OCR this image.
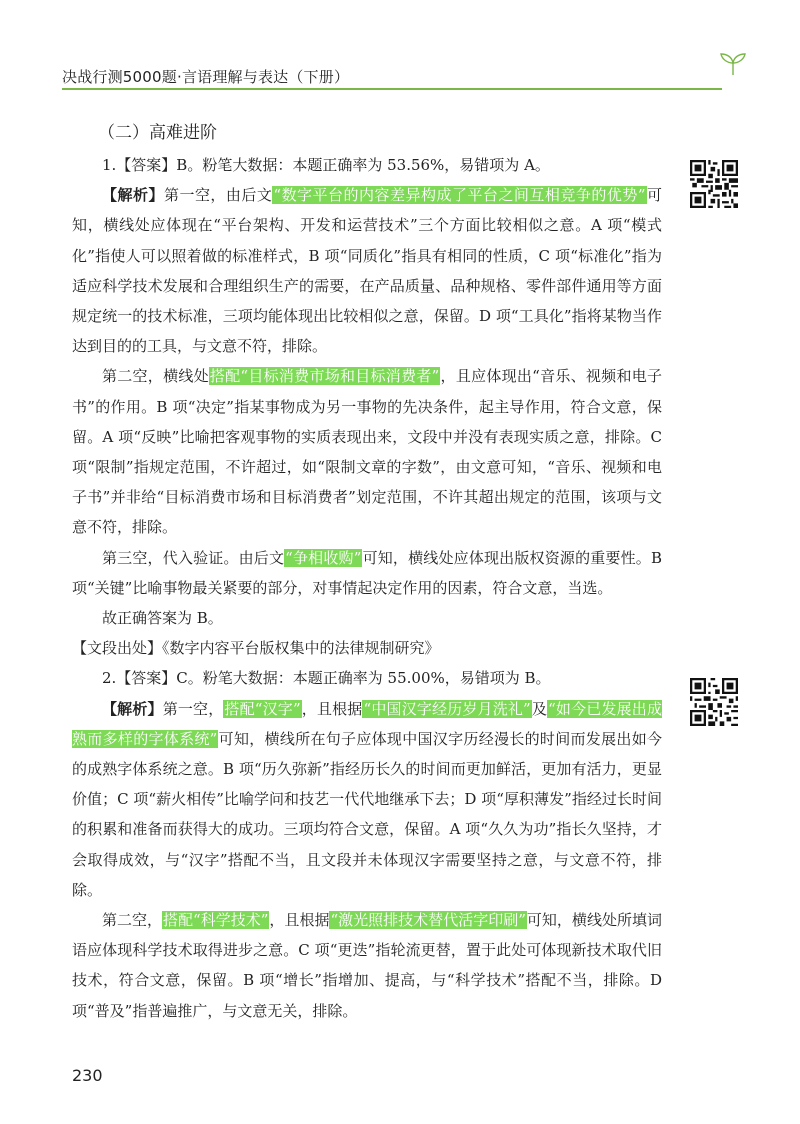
决战行测5000题·言语理解与表达（下册）
（二）高难进阶

1.【答案】B。粉笔大数据：本题正确率为 53.56%，易错项为 A。

【解析】第一空，由后文“数字平台的内容差异构成了平台之间互相竞争的优势”可知，横线处应体现在“平台架构、开发和运营技术”三个方面比较相似之意。A 项“模式化”指使人可以照着做的标准样式，B 项“同质化”指具有相同的性质，C 项“标准化”指为适应科学技术发展和合理组织生产的需要，在产品质量、品种规格、零件部件通用等方面规定统一的技术标准，三项均能体现出比较相似之意，保留。D 项“工具化”指将某物当作达到目的的工具，与文意不符，排除。

第二空，横线处搭配“目标消费市场和目标消费者”，且应体现出“音乐、视频和电子书”的作用。B 项“决定”指某事物成为另一事物的先决条件，起主导作用，符合文意，保留。A 项“反映”比喻把客观事物的实质表现出来，文段中并没有表现实质之意，排除。C 项“限制”指规定范围，不许超过，如“限制文章的字数”，由文意可知，“音乐、视频和电子书”并非给“目标消费市场和目标消费者”划定范围，不许其超出规定的范围，该项与文意不符，排除。

第三空，代入验证。由后文“争相收购”可知，横线处应体现出版权资源的重要性。B 项“关键”比喻事物最关紧要的部分，对事情起决定作用的因素，符合文意，当选。

故正确答案为 B。

【文段出处】《数字内容平台版权集中的法律规制研究》

2.【答案】C。粉笔大数据：本题正确率为 55.00%，易错项为 B。

【解析】第一空，搭配“汉字”，且根据“中国汉字经历岁月洗礼”及“如今已发展出成熟而多样的字体系统”可知，横线所在句子应体现中国汉字历经漫长的时间而发展出如今的成熟字体系统之意。B 项“历久弥新”指经历长久的时间而更加鲜活，更加有活力，更显价值；C 项“薪火相传”比喻学问和技艺一代代地继承下去；D 项“厚积薄发”指经过长时间的积累和准备而获得大的成功。三项均符合文意，保留。A 项“久久为功”指长久坚持，才会取得成效，与“汉字”搭配不当，且文段并未体现汉字需要坚持之意，与文意不符，排除。

第二空，搭配“科学技术”，且根据“激光照排技术替代活字印刷”可知，横线处所填词语应体现科学技术取得进步之意。C 项“更迭”指轮流更替，置于此处可体现新技术取代旧技术，符合文意，保留。B 项“增长”指增加、提高，与“科学技术”搭配不当，排除。D 项“普及”指普遍推广，与文意无关，排除。

230
